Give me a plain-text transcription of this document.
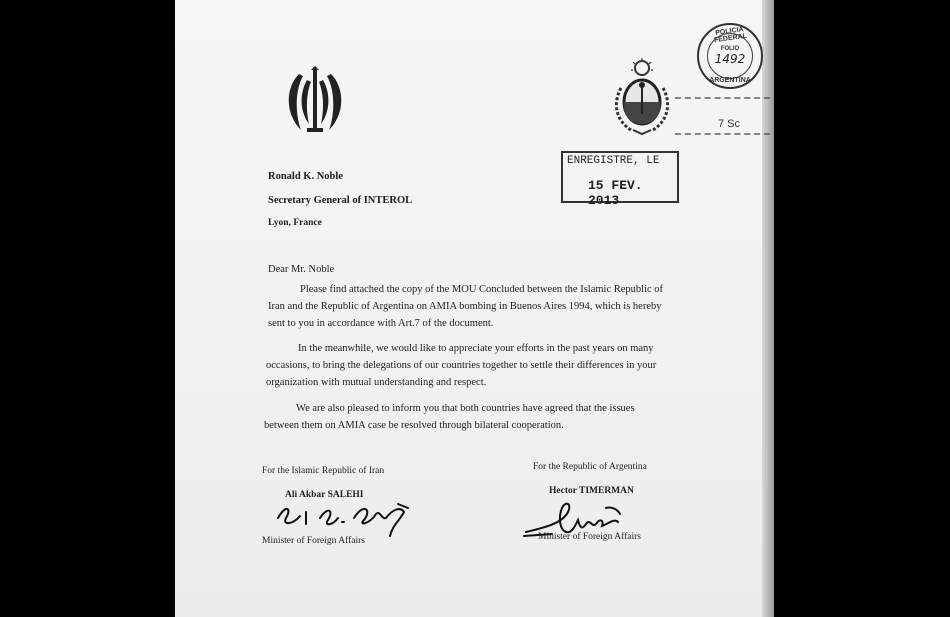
POLICIA FEDERAL
FOLIO
1492
ARGENTINA
7 Sc
ENREGISTRE, LE
15 FEV. 2013
Ronald K. Noble
Secretary General of INTEROL
Lyon, France
Dear Mr. Noble

Please find attached the copy of the MOU Concluded between the Islamic Republic of

Iran and the Republic of Argentina on AMIA bombing in Buenos Aires 1994, which is hereby

sent to you in accordance with Art.7 of the document.

In the meanwhile, we would like to appreciate your efforts in the past years on many

occasions, to bring the delegations of our countries together to settle their differences in your

organization with mutual understanding and respect.

We are also pleased to inform you that both countries have agreed that the issues

between them on AMIA case be resolved through bilateral cooperation.

For the Islamic Republic of Iran
Ali Akbar SALEHI
Minister of Foreign Affairs
For the Republic of Argentina
Hector TIMERMAN
Minister of Foreign Affairs
